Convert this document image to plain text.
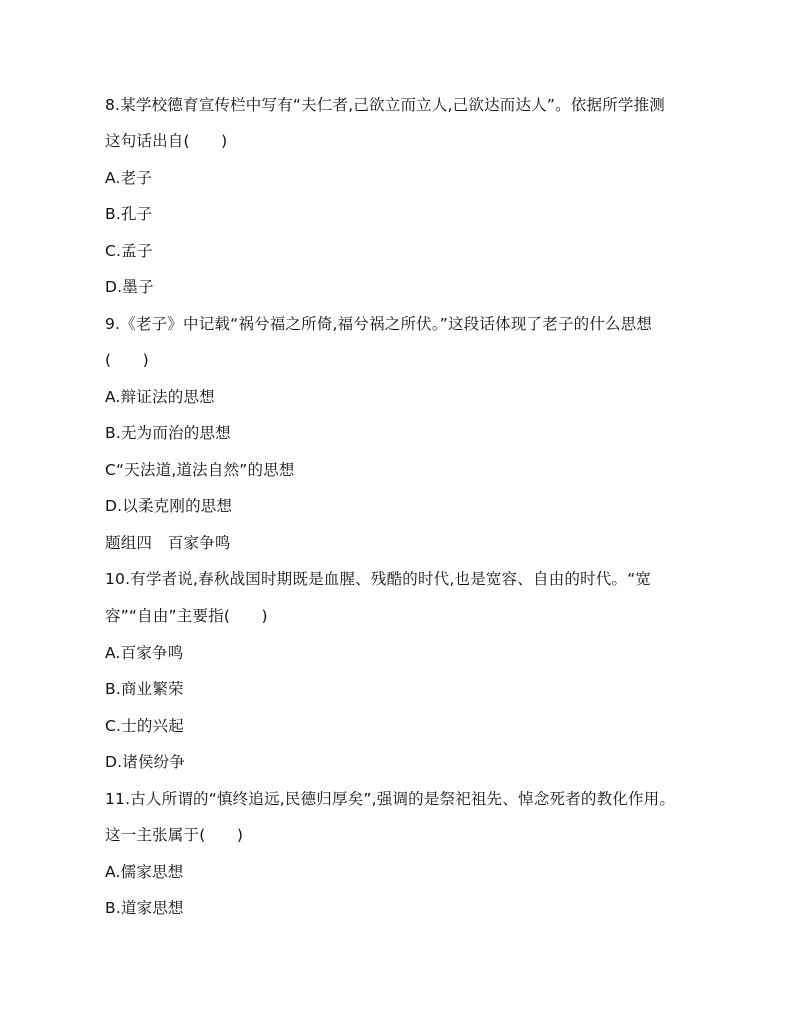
8.某学校德育宣传栏中写有“夫仁者,己欲立而立人,己欲达而达人”。依据所学推测
这句话出自(　　)
A.老子
B.孔子
C.孟子
D.墨子
9.《老子》中记载“祸兮福之所倚,福兮祸之所伏。”这段话体现了老子的什么思想
(　　)
A.辩证法的思想
B.无为而治的思想
C“天法道,道法自然”的思想
D.以柔克刚的思想
题组四　百家争鸣
10.有学者说,春秋战国时期既是血腥、残酷的时代,也是宽容、自由的时代。“宽
容”“自由”主要指(　　)
A.百家争鸣
B.商业繁荣
C.士的兴起
D.诸侯纷争
11.古人所谓的“慎终追远,民德归厚矣”,强调的是祭祀祖先、悼念死者的教化作用。
这一主张属于(　　)
A.儒家思想
B.道家思想
